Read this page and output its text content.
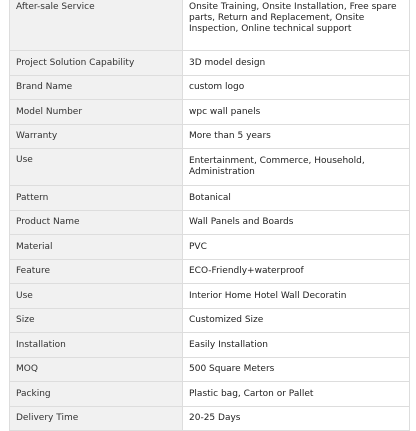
After-sale Service	Onsite Training, Onsite Installation, Free spare parts, Return and Replacement, Onsite Inspection, Online technical support
Project Solution Capability	3D model design
Brand Name	custom logo
Model Number	wpc wall panels
Warranty	More than 5 years
Use	Entertainment, Commerce, Household, Administration
Pattern	Botanical
Product Name	Wall Panels and Boards
Material	PVC
Feature	ECO-Friendly+waterproof
Use	Interior Home Hotel Wall Decoratin
Size	Customized Size
Installation	Easily Installation
MOQ	500 Square Meters
Packing	Plastic bag, Carton or Pallet
Delivery Time	20-25 Days
